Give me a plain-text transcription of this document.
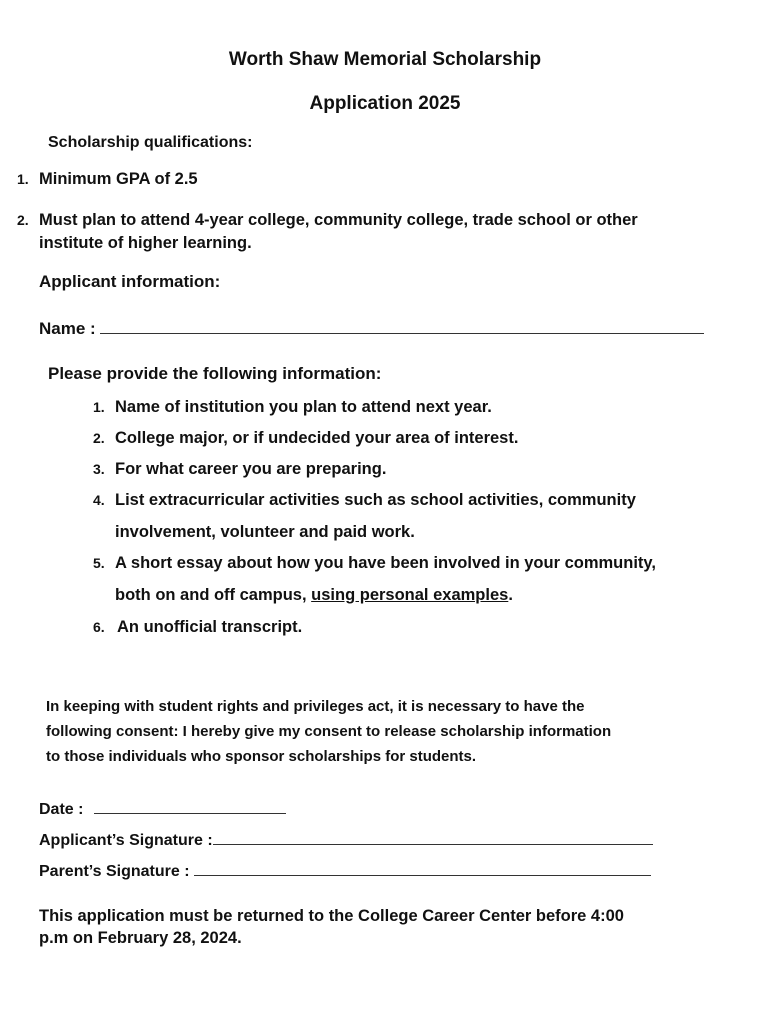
Worth Shaw Memorial Scholarship
Application 2025
Scholarship qualifications:
1. Minimum GPA of 2.5
2. Must plan to attend 4-year college, community college, trade school or other
institute of higher learning.
Applicant information:
Name :
Please provide the following information:
1. Name of institution you plan to attend next year.
2. College major, or if undecided your area of interest.
3. For what career you are preparing.
4. List extracurricular activities such as school activities, community
involvement, volunteer and paid work.
5. A short essay about how you have been involved in your community,
both on and off campus, using personal examples.
6. An unofficial transcript.
In keeping with student rights and privileges act, it is necessary to have the
following consent: I hereby give my consent to release scholarship information
to those individuals who sponsor scholarships for students.
Date :
Applicant’s Signature :
Parent’s Signature :
This application must be returned to the College Career Center before 4:00
p.m on February 28, 2024.
